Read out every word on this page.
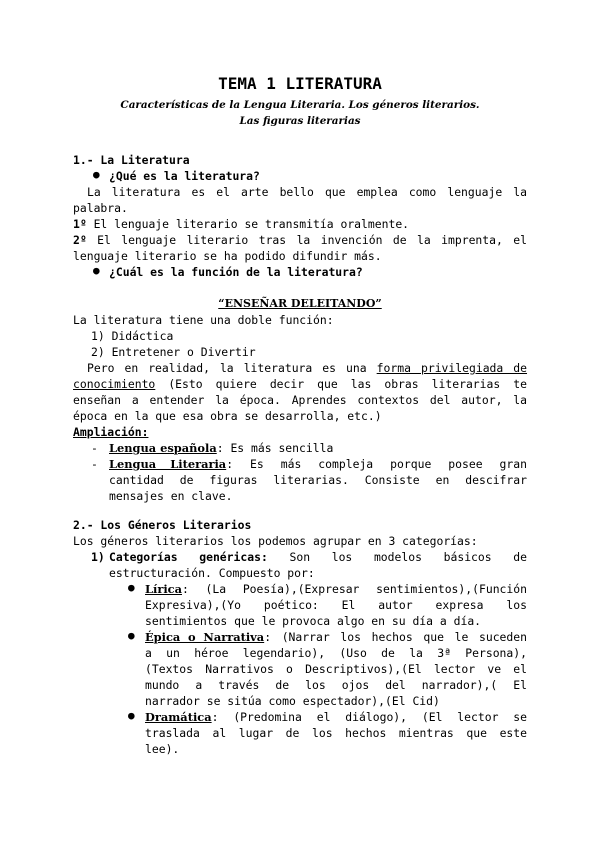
TEMA 1 LITERATURA
Características de la Lengua Literaria. Los géneros literarios.
Las figuras literarias
1.- La Literatura
● ¿Qué es la literatura?
La literatura es el arte bello que emplea como lenguaje la
palabra.
1º El lenguaje literario se transmitía oralmente.
2º El lenguaje literario tras la invención de la imprenta, el
lenguaje literario se ha podido difundir más.
● ¿Cuál es la función de la literatura?
“ENSEÑAR DELEITANDO”
La literatura tiene una doble función:
1) Didáctica
2) Entretener o Divertir
Pero en realidad, la literatura es una forma privilegiada de
conocimiento (Esto quiere decir que las obras literarias te
enseñan a entender la época. Aprendes contextos del autor, la
época en la que esa obra se desarrolla, etc.)
Ampliación:
- Lengua española: Es más sencilla
- Lengua Literaria: Es más compleja porque posee gran
cantidad de figuras literarias. Consiste en descifrar
mensajes en clave.
2.- Los Géneros Literarios
Los géneros literarios los podemos agrupar en 3 categorías:
1) Categorías genéricas: Son los modelos básicos de
estructuración. Compuesto por:
● Lírica: (La Poesía),(Expresar sentimientos),(Función
Expresiva),(Yo poético: El autor expresa los
sentimientos que le provoca algo en su día a día.
● Épica o Narrativa: (Narrar los hechos que le suceden
a un héroe legendario), (Uso de la 3ª Persona),
(Textos Narrativos o Descriptivos),(El lector ve el
mundo a través de los ojos del narrador),( El
narrador se sitúa como espectador),(El Cid)
● Dramática: (Predomina el diálogo), (El lector se
traslada al lugar de los hechos mientras que este
lee).
